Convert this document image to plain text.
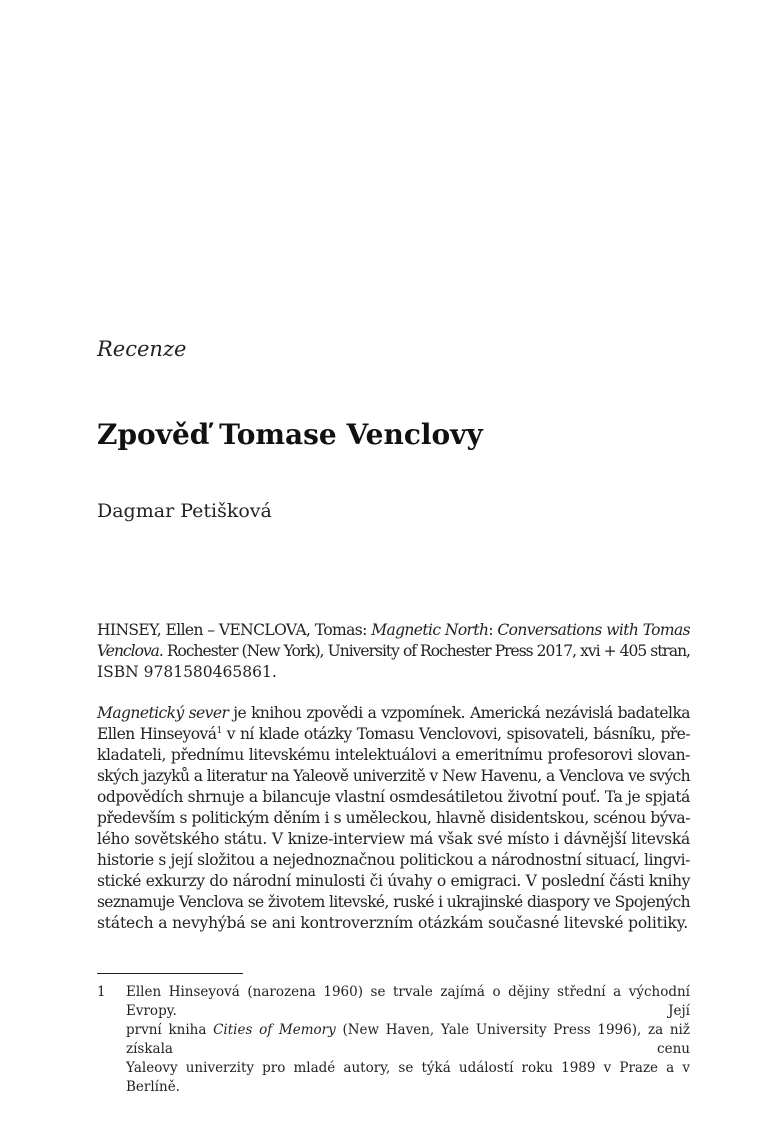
Recenze
Zpověď Tomase Venclovy
Dagmar Petišková

HINSEY, Ellen – VENCLOVA, Tomas: Magnetic North: Conversations with Tomas
Venclova. Rochester (New York), University of Rochester Press 2017, xvi + 405 stran,
ISBN 9781580465861.

Magnetický sever je knihou zpovědi a vzpomínek. Americká nezávislá badatelka
Ellen Hinseyová$^1$ v ní klade otázky Tomasu Venclovovi, spisovateli, básníku, pře-
kladateli, přednímu litevskému intelektuálovi a emeritnímu profesorovi slovan-
ských jazyků a literatur na Yaleově univerzitě v New Havenu, a Venclova ve svých
odpovědích shrnuje a bilancuje vlastní osmdesátiletou životní pouť. Ta je spjatá
především s politickým děním i s uměleckou, hlavně disidentskou, scénou býva-
lého sovětského státu. V knize-interview má však své místo i dávnější litevská
historie s její složitou a nejednoznačnou politickou a národnostní situací, lingvi-
stické exkurzy do národní minulosti či úvahy o emigraci. V poslední části knihy
seznamuje Venclova se životem litevské, ruské i ukrajinské diaspory ve Spojených
státech a nevyhýbá se ani kontroverzním otázkám současné litevské politiky.

1 Ellen Hinseyová (narozena 1960) se trvale zajímá o dějiny střední a východní Evropy. Její
první kniha Cities of Memory (New Haven, Yale University Press 1996), za niž získala cenu
Yaleovy univerzity pro mladé autory, se týká událostí roku 1989 v Praze a v Berlíně.
